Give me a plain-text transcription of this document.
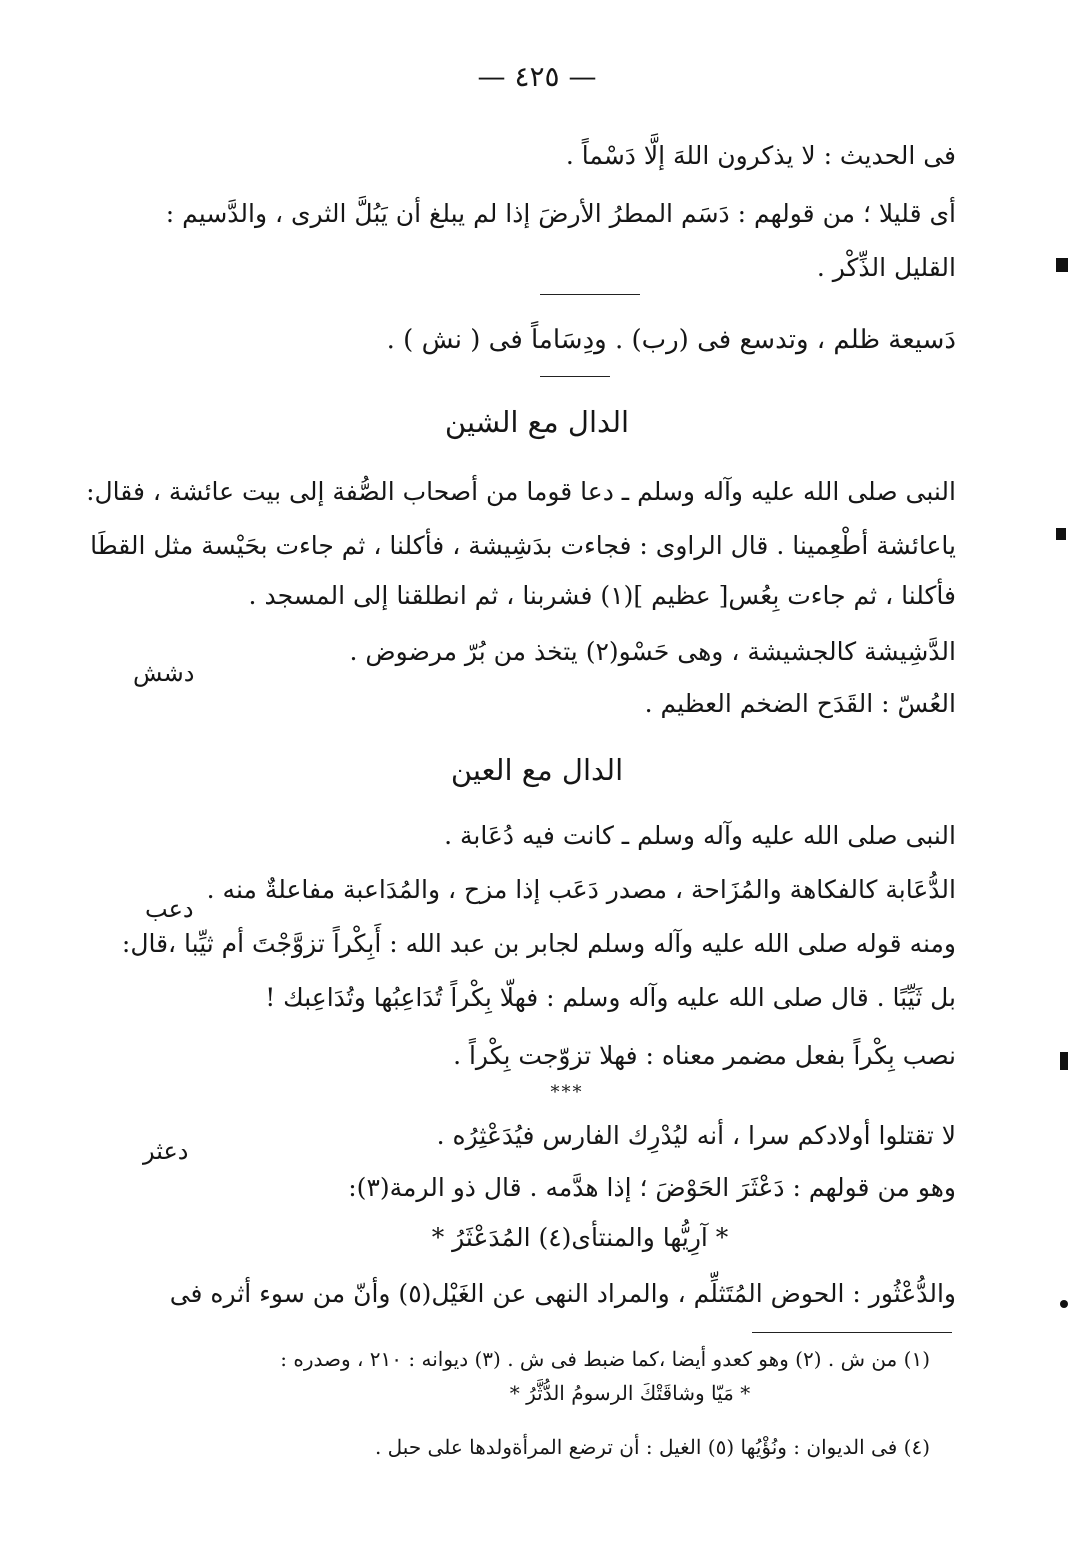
— ٤٢٥ —
فى الحديث : لا يذكرون اللهَ إلَّا دَسْماً .
أى قليلا ؛ من قولهم : دَسَم المطرُ الأرضَ إذا لم يبلغ أن يَبُلَّ الثرى ، والدَّسيم :
القليل الذِّكْر .
دَسيعة ظلم ، وتدسع فى (رب) . ودِسَاماً فى ( نش ) .
الدال مع الشين
النبى صلى الله عليه وآله وسلم ـ دعا قوما من أصحاب الصُّفة إلى بيت عائشة ، فقال:
ياعائشة أطْعِمينا . قال الراوى : فجاءت بدَشِيشة ، فأكلنا ، ثم جاءت بحَيْسة مثل القطَا
فأكلنا ، ثم جاءت بِعُس[ عظيم ](١) فشربنا ، ثم انطلقنا إلى المسجد .
الدَّشِيشة كالجشيشة ، وهى حَسْو(٢) يتخذ من بُرّ مرضوض .
العُسّ : القَدَح الضخم العظيم .
دشش
الدال مع العين
النبى صلى الله عليه وآله وسلم ـ كانت فيه دُعَابة .
الدُّعَابة كالفكاهة والمُزَاحة ، مصدر دَعَب إذا مزح ، والمُدَاعبة مفاعلةٌ منه .
ومنه قوله صلى الله عليه وآله وسلم لجابر بن عبد الله : أَبِكْراً تزوَّجْتَ أم ثيِّبا ،قال:
بل ثَيِّبًا . قال صلى الله عليه وآله وسلم : فهلّا بِكْراً تُدَاعِبُها وتُدَاعِبك !
نصب بِكْراً بفعل مضمر معناه : فهلا تزوّجت بِكْراً .
دعب
***
لا تقتلوا أولادكم سرا ، أنه ليُدْرِك الفارس فيُدَعْثِرُه .
وهو من قولهم : دَعْثَرَ الحَوْضَ ؛ إذا هدَّمه . قال ذو الرمة(٣):
* آرِيُّها والمنتأى(٤) المُدَعْثَرُ *
والدُّعْثُور : الحوض المُتَثلِّم ، والمراد النهى عن الغَيْل(٥) وأنّ من سوء أثره فى
دعثر
(١) من ش . (٢) وهو كعدو أيضا ،كما ضبط فى ش . (٣) ديوانه : ٢١٠ ، وصدره :
* مَيّا وشاقَتْكَ الرسومُ الدُّثَّرُ *
(٤) فى الديوان : ونُؤْيُها (٥) الغيل : أن ترضع المرأةولدها على حبل .
